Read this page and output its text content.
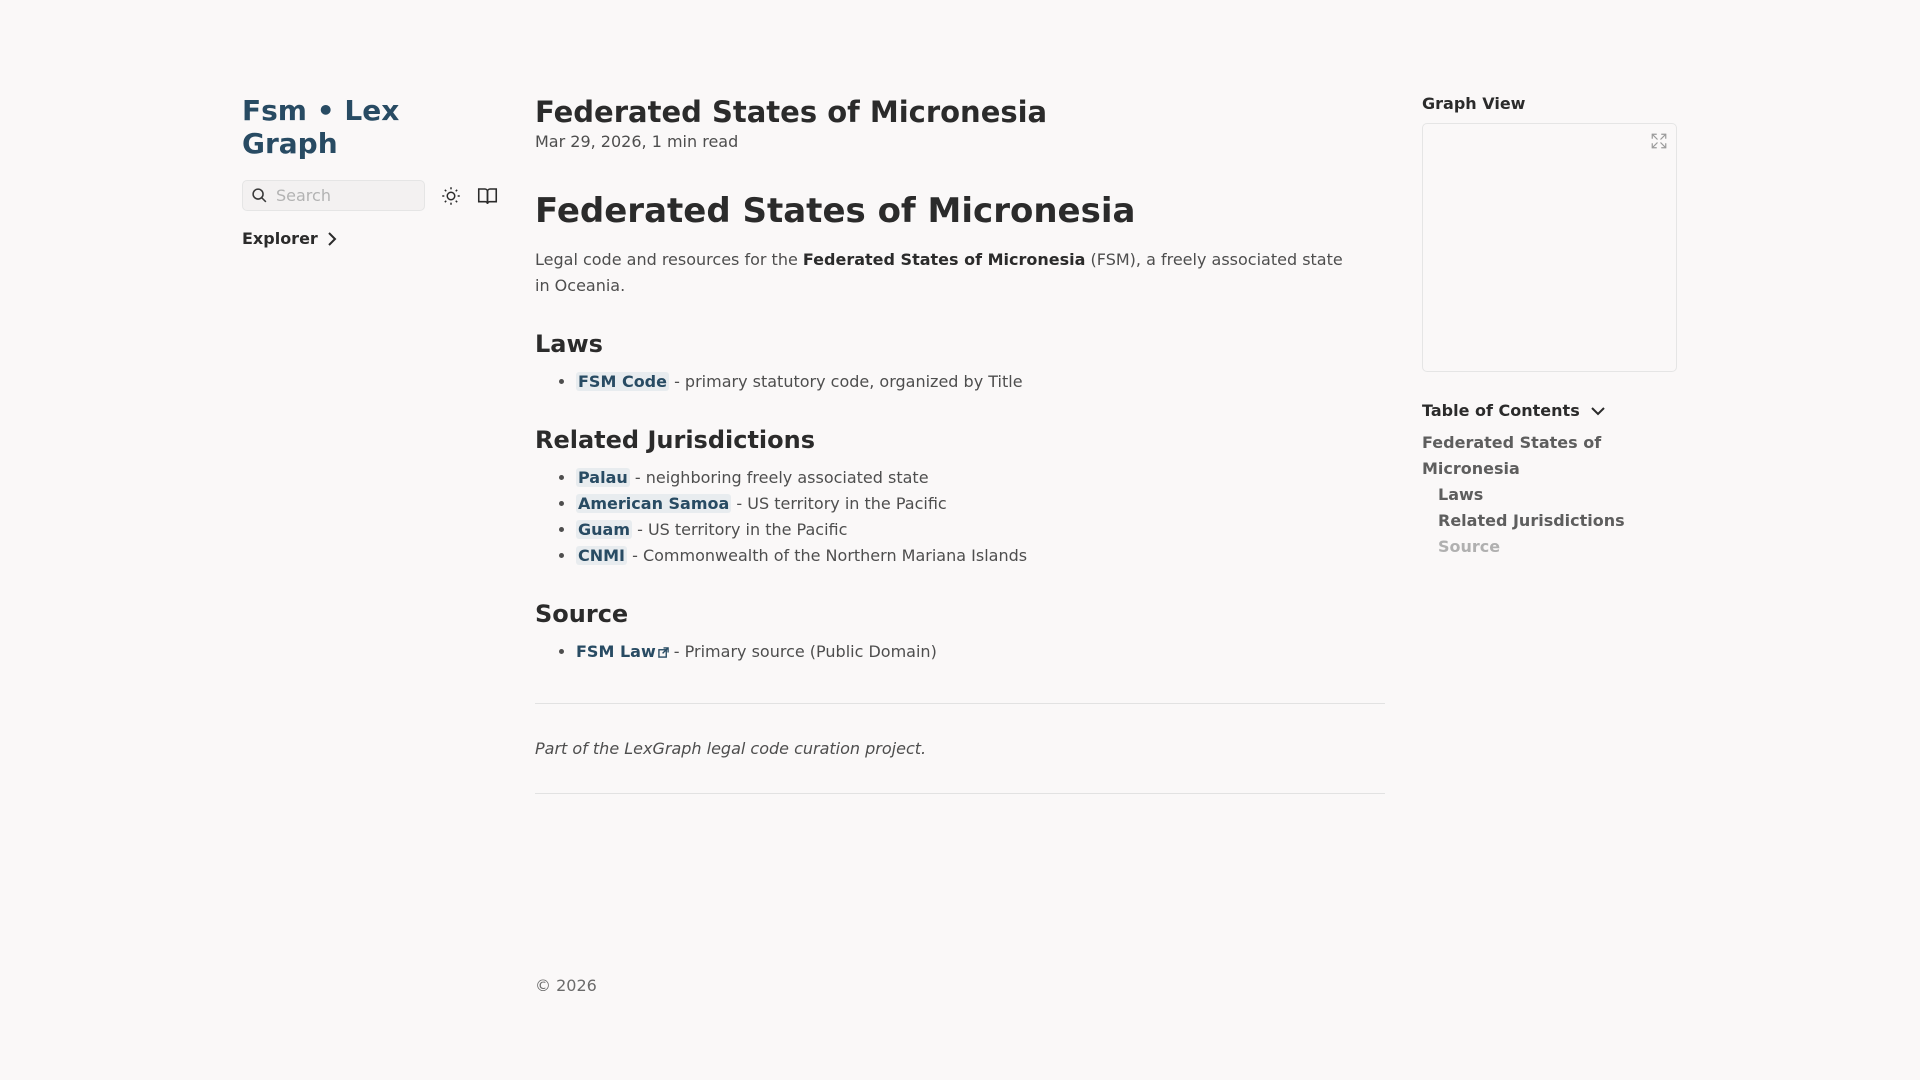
Fsm • Lex Graph
Search
Explorer
Federated States of Micronesia
Mar 29, 2026, 1 min read
Federated States of Micronesia

Legal code and resources for the Federated States of Micronesia (FSM), a freely associated state in Oceania.

Laws
• FSM Code - primary statutory code, organized by Title
Related Jurisdictions
• Palau - neighboring freely associated state
• American Samoa - US territory in the Pacific
• Guam - US territory in the Pacific
• CNMI - Commonwealth of the Northern Mariana Islands
Source
• FSM Law - Primary source (Public Domain)
Part of the LexGraph legal code curation project.
© 2026
Graph View
Table of Contents
Federated States of Micronesia
Laws
Related Jurisdictions
Source
